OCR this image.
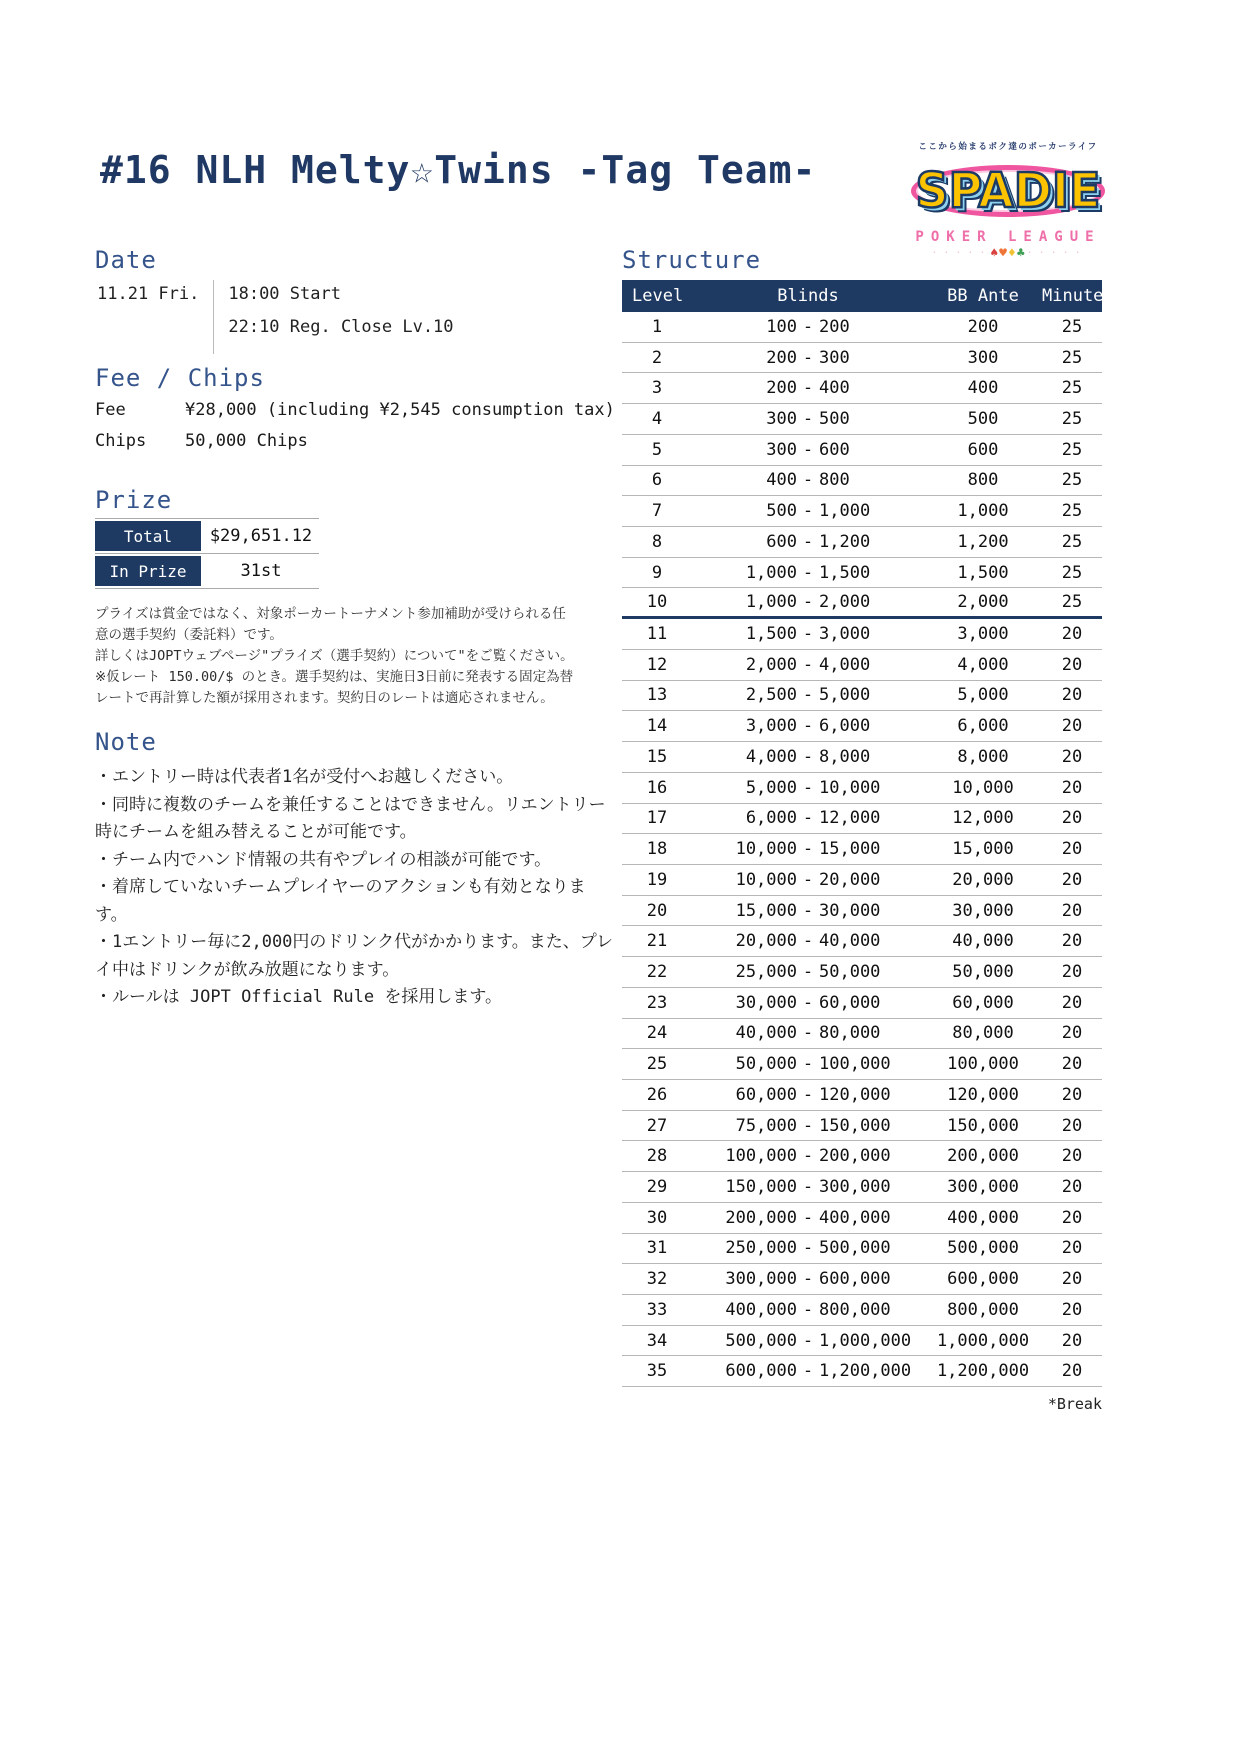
#16 NLH Melty☆Twins -Tag Team-
ここから始まるボク達のポーカーライフ
SPADIE
POKER LEAGUE
・・・・・♠♥♦♣・・・・・
Date
11.21 Fri.	18:00 Start
22:10 Reg. Close Lv.10
Fee / Chips
Fee	¥28,000 (including ¥2,545 consumption tax)
Chips	50,000 Chips
Prize
Total	$29,651.12
In Prize	31st

プライズは賞金ではなく、対象ポーカートーナメント参加補助が受けられる任意の選手契約（委託料）です。

詳しくはJOPTウェブページ"プライズ（選手契約）について"をご覧ください。

※仮レート 150.00/$ のとき。選手契約は、実施日3日前に発表する固定為替レートで再計算した額が採用されます。契約日のレートは適応されません。

Note
・エントリー時は代表者1名が受付へお越しください。
・同時に複数のチームを兼任することはできません。リエントリー時にチームを組み替えることが可能です。
・チーム内でハンド情報の共有やプレイの相談が可能です。
・着席していないチームプレイヤーのアクションも有効となります。
・1エントリー毎に2,000円のドリンク代がかかります。また、プレイ中はドリンクが飲み放題になります。
・ルールは JOPT Official Rule を採用します。
Structure
Level	Blinds	BB Ante	Minutes
1	100 - 200	200	25
2	200 - 300	300	25
3	200 - 400	400	25
4	300 - 500	500	25
5	300 - 600	600	25
6	400 - 800	800	25
7	500 - 1,000	1,000	25
8	600 - 1,200	1,200	25
9	1,000 - 1,500	1,500	25
10	1,000 - 2,000	2,000	25
11	1,500 - 3,000	3,000	20
12	2,000 - 4,000	4,000	20
13	2,500 - 5,000	5,000	20
14	3,000 - 6,000	6,000	20
15	4,000 - 8,000	8,000	20
16	5,000 - 10,000	10,000	20
17	6,000 - 12,000	12,000	20
18	10,000 - 15,000	15,000	20
19	10,000 - 20,000	20,000	20
20	15,000 - 30,000	30,000	20
21	20,000 - 40,000	40,000	20
22	25,000 - 50,000	50,000	20
23	30,000 - 60,000	60,000	20
24	40,000 - 80,000	80,000	20
25	50,000 - 100,000	100,000	20
26	60,000 - 120,000	120,000	20
27	75,000 - 150,000	150,000	20
28	100,000 - 200,000	200,000	20
29	150,000 - 300,000	300,000	20
30	200,000 - 400,000	400,000	20
31	250,000 - 500,000	500,000	20
32	300,000 - 600,000	600,000	20
33	400,000 - 800,000	800,000	20
34	500,000 - 1,000,000	1,000,000	20
35	600,000 - 1,200,000	1,200,000	20
*Break
